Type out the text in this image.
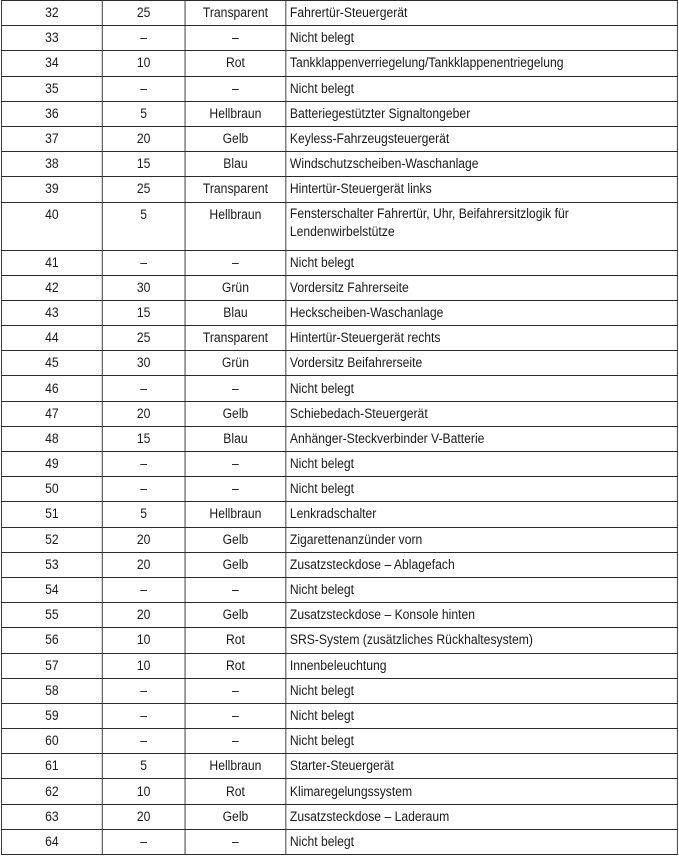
32	25	Transparent	Fahrertür-Steuergerät
33	–	–	Nicht belegt
34	10	Rot	Tankklappenverriegelung/Tankklappenentriegelung
35	–	–	Nicht belegt
36	5	Hellbraun	Batteriegestützter Signaltongeber
37	20	Gelb	Keyless-Fahrzeugsteuergerät
38	15	Blau	Windschutzscheiben-Waschanlage
39	25	Transparent	Hintertür-Steuergerät links
40	5	Hellbraun	Fensterschalter Fahrertür, Uhr, Beifahrersitzlogik für Lendenwirbelstütze
41	–	–	Nicht belegt
42	30	Grün	Vordersitz Fahrerseite
43	15	Blau	Heckscheiben-Waschanlage
44	25	Transparent	Hintertür-Steuergerät rechts
45	30	Grün	Vordersitz Beifahrerseite
46	–	–	Nicht belegt
47	20	Gelb	Schiebedach-Steuergerät
48	15	Blau	Anhänger-Steckverbinder V-Batterie
49	–	–	Nicht belegt
50	–	–	Nicht belegt
51	5	Hellbraun	Lenkradschalter
52	20	Gelb	Zigarettenanzünder vorn
53	20	Gelb	Zusatzsteckdose – Ablagefach
54	–	–	Nicht belegt
55	20	Gelb	Zusatzsteckdose – Konsole hinten
56	10	Rot	SRS-System (zusätzliches Rückhaltesystem)
57	10	Rot	Innenbeleuchtung
58	–	–	Nicht belegt
59	–	–	Nicht belegt
60	–	–	Nicht belegt
61	5	Hellbraun	Starter-Steuergerät
62	10	Rot	Klimaregelungssystem
63	20	Gelb	Zusatzsteckdose – Laderaum
64	–	–	Nicht belegt
